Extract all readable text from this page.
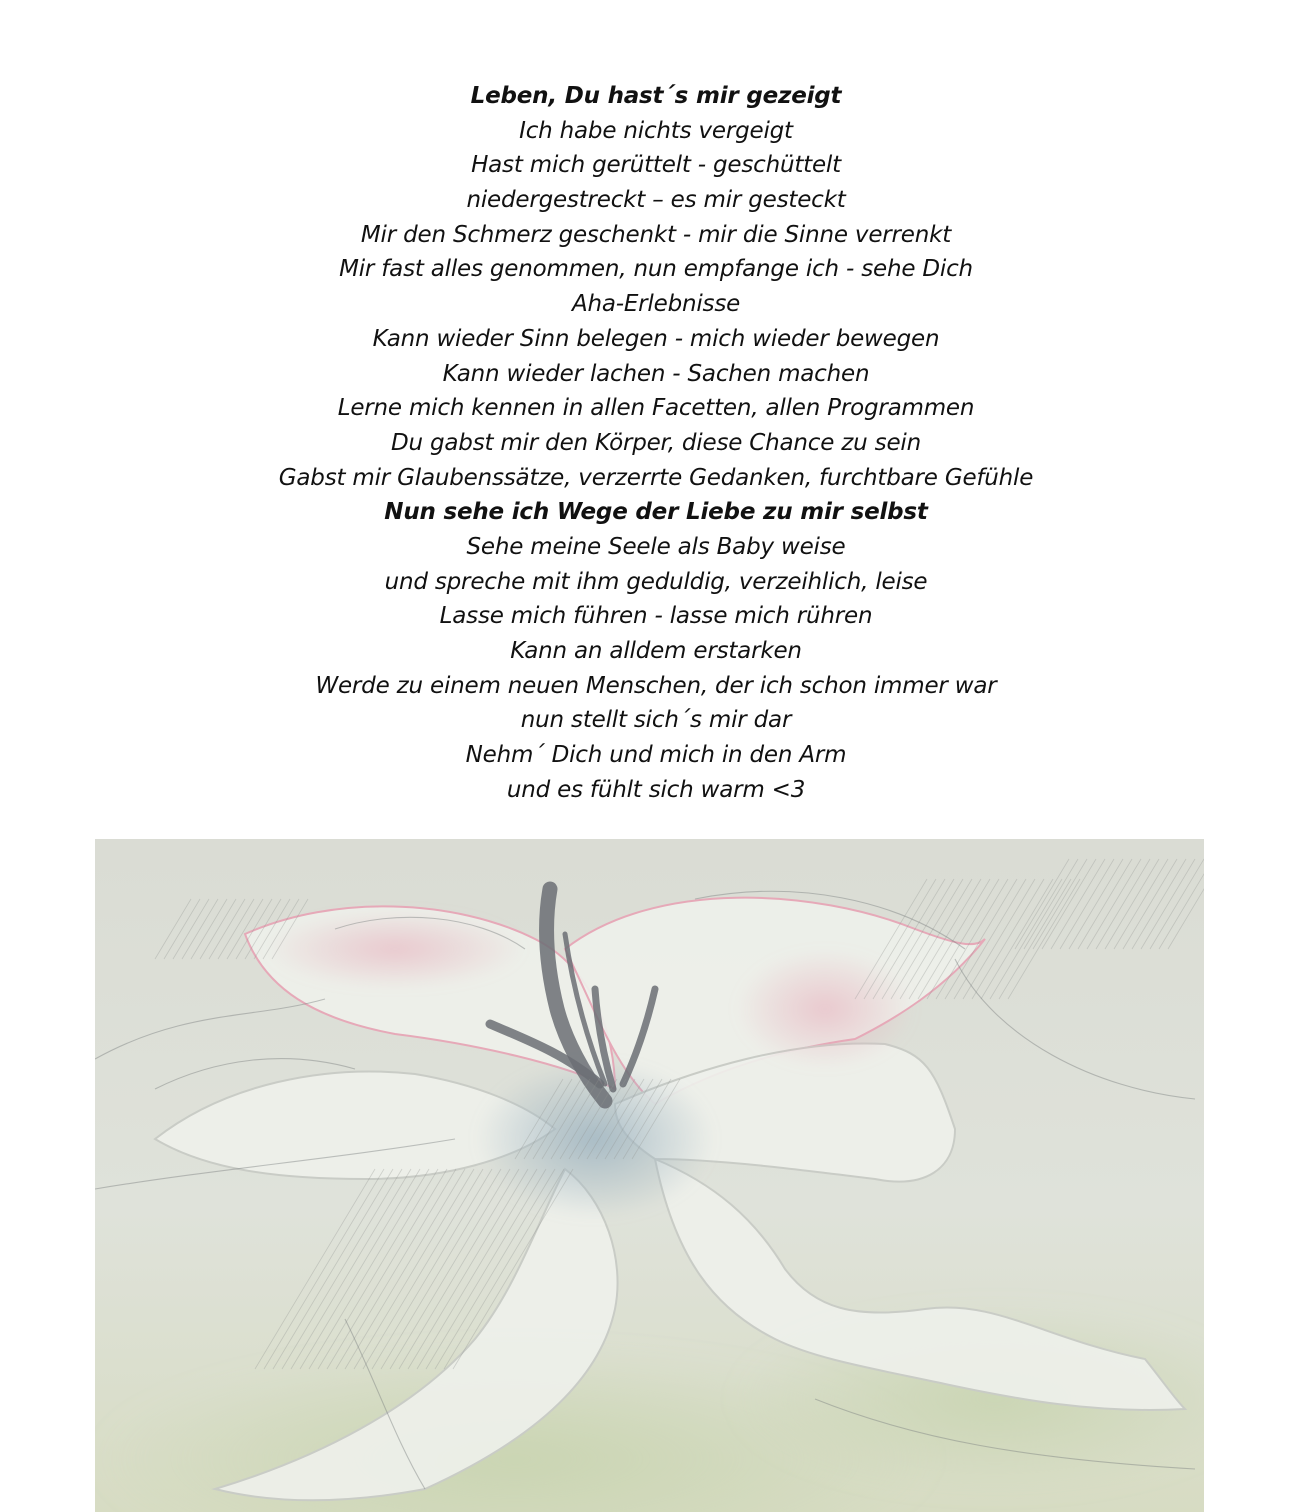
Leben, Du hast´s mir gezeigt
Ich habe nichts vergeigt
Hast mich gerüttelt - geschüttelt
niedergestreckt – es mir gesteckt
Mir den Schmerz geschenkt - mir die Sinne verrenkt
Mir fast alles genommen, nun empfange ich - sehe Dich
Aha-Erlebnisse
Kann wieder Sinn belegen - mich wieder bewegen
Kann wieder lachen - Sachen machen
Lerne mich kennen in allen Facetten, allen Programmen
Du gabst mir den Körper, diese Chance zu sein
Gabst mir Glaubenssätze, verzerrte Gedanken, furchtbare Gefühle
Nun sehe ich Wege der Liebe zu mir selbst
Sehe meine Seele als Baby weise
und spreche mit ihm geduldig, verzeihlich, leise
Lasse mich führen - lasse mich rühren
Kann an alldem erstarken
Werde zu einem neuen Menschen, der ich schon immer war
nun stellt sich´s mir dar
Nehm´ Dich und mich in den Arm
und es fühlt sich warm <3
